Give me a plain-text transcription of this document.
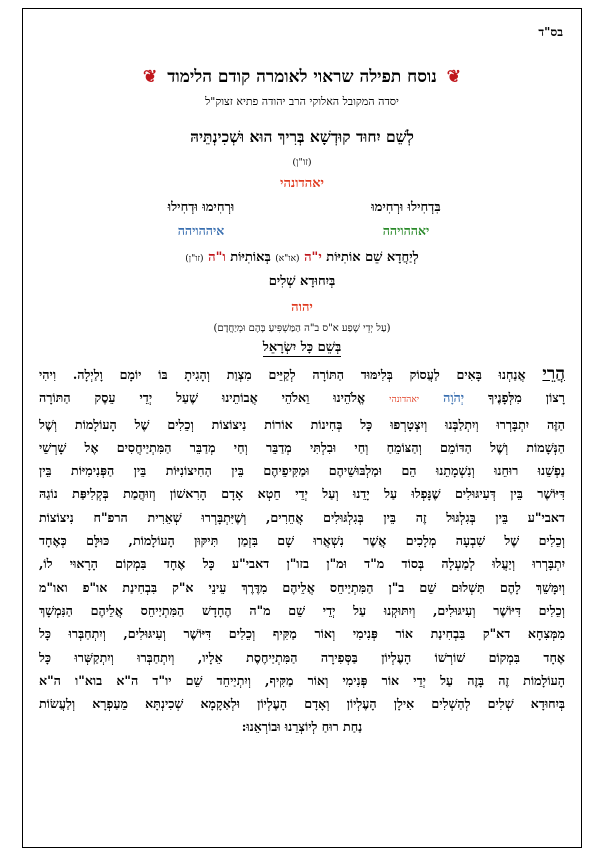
בס"ד
❦ נוסח תפילה שראוי לאומרה קודם הלימוד ❦
יסדה המקובל האלוקי הרב יהודה פתיא זצוק"ל
לְשֵׁם יִחוּד קוּדְשָׁא בְּרִיךְ הוּא וּשְׁכִינְתֵּיהּ
(זו"ן)
יאהדונהי
בִּדְחִילוּ וּרְחִימוּ
יאההויהה
וּרְחִימוּ וּדְחִילוּ
איההויהה
לְיַחֲדָא שֵׁם אוֹתִיּוֹת י"ה (או"א) בְּאוֹתִיּוֹת ו"ה (זו"ן)
בְּיִחוּדָא שְׁלִים
יהוה
(עַל יְדֵי שֶׁפַע א"ס ב"ה הַמַּשְׁפִּיעַ בָּהֶם וּמְיַחֲדָם)
בְּשֵׁם כָּל יִשְׂרָאֵל
הֲרֵי אֲנַחְנוּ בָּאִים לַעֲסוֹק בְּלִימּוּד הַתּוֹרָה לְקַיֵּים מִצְוַת וְהָגִיתָ בּוֹ יוֹמָם וָלַיְלָה. וִיהִי
רָצוֹן מִלְּפָנֶיךָ יְהֹוָה יאהדונהי אֱלֹהֵינוּ וֵאלֹהֵי אֲבוֹתֵינוּ שֶׁעַל יְדֵי עֵסֶק הַתּוֹרָה
הַזֶּה יִתְבָּרְרוּ וְיִתְלַבְּנוּ וְיִצְטָרְפוּ כָּל בְּחִינוֹת אוֹרוֹת נִיצוֹצוֹת וְכֵלִים שֶׁל הָעוֹלָמוֹת וְשֶׁל
הַנְּשָׁמוֹת וְשֶׁל הַדּוֹמֵם וְהַצּוֹמֵחַ וְחַי וּבִלְתִּי מְדַבֵּר וְחַי מְדַבֵּר הַמִּתְיַיחֲסִים אֶל שָׁרְשֵׁי
נַפְשֵׁנוּ רוּחֵנוּ וְנִשְׁמָתֵנוּ הֵם וּמַלְבּוּשֵׁיהֶם וּמַקִּיפֵיהֶם בֵּין הַחִיצוֹנִיּוֹת בֵּין הַפְּנִימִיּוֹת בֵּין
דִּיּוֹשֶׁר בֵּין דְּעִיגּוּלִים שֶׁנָּפְלוּ עַל יָדֵנוּ וְעַל יְדֵי חֵטְא אָדָם הָרִאשׁוֹן וְזוּהֲמַת בְּקְלִיפַּת נוֹגַהּ
דאבי"ע בֵּין בְּגִלְגּוּל זֶה בֵּין בְּגִלְגּוּלִים אֲחֵרִים, וְשֶׁיִּתְבָּרְרוּ שְׁאֵרִית הרפ"ח נִיצוֹצוֹת
וְכֵלִים שֶׁל שִׁבְעָה מְלָכִים אֲשֶׁר נִשְׁאֲרוּ שָׁם בִּזְמַן תִּיקּוּן הָעוֹלָמוֹת, כּוּלָּם כְּאֶחָד
יִתְבָּרְרוּ וְיַעֲלוּ לְמַעְלָה בְּסוֹד מ"ד וּמ"ן בזו"ן דאבי"ע כָּל אֶחָד בִּמְקוֹם הָרָאוּי לוֹ,
וְיִמָּשֵׁךְ לָהֶם תַּשְׁלוּם שֵׁם ב"ן הַמִּתְיַיחֵס אֲלֵיהֶם מִדֶּרֶךְ עֵינֵי א"ק בִּבְחִינַת או"פ ואו"מ
וְכֵלִים דִּיּוֹשֶׁר וְעִיגּוּלִים, וְיִתּוּקְנוּ עַל יְדֵי שֵׁם מ"ה הֶחָדָשׁ הַמִּתְיַיחֵס אֲלֵיהֶם הַנִּמְשָׁךְ
מִמְּצִחָא דא"ק בִּבְחִינַת אוֹר פְּנִימִי וְאוֹר מַקִּיף וְכֵלִים דִּיּוֹשֶׁר וְעִיגּוּלִים, וְיִתְחַבְּרוּ כָּל
אֶחָד בִּמְקוֹם שׁוֹרְשׁוֹ הָעֶלְיוֹן בַּסְּפִירָה הַמִּתְיַיחֶסֶת אֵלָיו, וְיִתְחַבְּרוּ וְיִתְקַשְּׁרוּ כָּל
הָעוֹלָמוֹת זֶה בָּזֶה עַל יְדֵי אוֹר פְּנִימִי וְאוֹר מַקִּיף, וְיִתְיַיחֵד שֵׁם יו"ד ה"א בוא"ו ה"א
בְּיִחוּדָא שְׁלִים לְהַשְׁלִים אִילָן הָעֶלְיוֹן וְאָדָם הָעֶלְיוֹן וּלְאַקָמָא שְׁכִינְתָּא מֵעַפְרָא וְלַעֲשׂוֹת
נַחַת רוּחַ לְיוֹצְרֵנוּ וּבוֹרְאֵנוּ:
